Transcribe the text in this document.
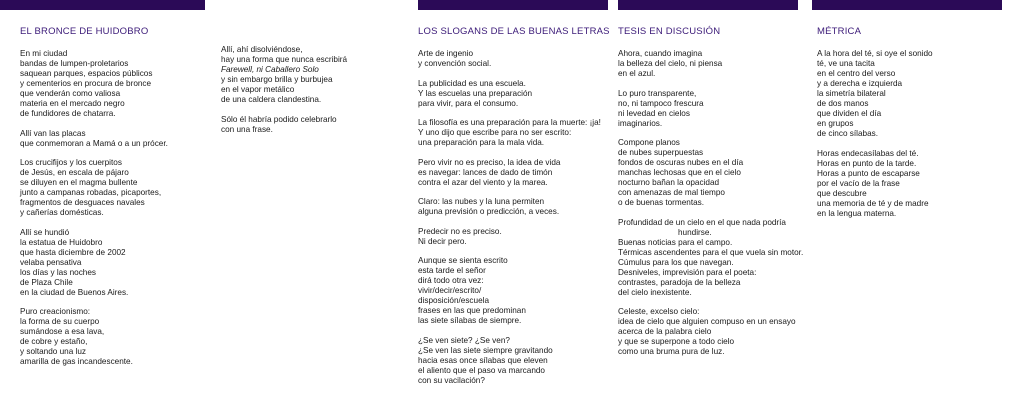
EL BRONCE DE HUIDOBRO
En mi ciudad
bandas de lumpen-proletarios
saquean parques, espacios públicos
y cementerios en procura de bronce
que venderán como valiosa
materia en el mercado negro
de fundidores de chatarra.
Allí van las placas
que conmemoran a Mamá o a un prócer.
Los crucifijos y los cuerpitos
de Jesús, en escala de pájaro
se diluyen en el magma bullente
junto a campanas robadas, picaportes,
fragmentos de desguaces navales
y cañerías domésticas.
Allí se hundió
la estatua de Huidobro
que hasta diciembre de 2002
velaba pensativa
los días y las noches
de Plaza Chile
en la ciudad de Buenos Aires.
Puro creacionismo:
la forma de su cuerpo
sumándose a esa lava,
de cobre y estaño,
y soltando una luz
amarilla de gas incandescente.
Allí, ahí disolviéndose,
hay una forma que nunca escribirá
Farewell, ni Caballero Solo
y sin embargo brilla y burbujea
en el vapor metálico
de una caldera clandestina.
Sólo él habría podido celebrarlo
con una frase.
LOS SLOGANS DE LAS BUENAS LETRAS
Arte de ingenio
y convención social.
La publicidad es una escuela.
Y las escuelas una preparación
para vivir, para el consumo.
La filosofía es una preparación para la muerte: ¡ja!
Y uno dijo que escribe para no ser escrito:
una preparación para la mala vida.
Pero vivir no es preciso, la idea de vida
es navegar: lances de dado de timón
contra el azar del viento y la marea.
Claro: las nubes y la luna permiten
alguna previsión o predicción, a veces.
Predecir no es preciso.
Ni decir pero.
Aunque se sienta escrito
esta tarde el señor
dirá todo otra vez:
vivir/decir/escrito/
disposición/escuela
frases en las que predominan
las siete sílabas de siempre.
¿Se ven siete? ¿Se ven?
¿Se ven las siete siempre gravitando
hacia esas once sílabas que eleven
el aliento que el paso va marcando
con su vacilación?
TESIS EN DISCUSIÓN
Ahora, cuando imagina
la belleza del cielo, ni piensa
en el azul.
Lo puro transparente,
no, ni tampoco frescura
ni levedad en cielos
imaginarios.
Compone planos
de nubes superpuestas
fondos de oscuras nubes en el día
manchas lechosas que en el cielo
nocturno bañan la opacidad
con amenazas de mal tiempo
o de buenas tormentas.
Profundidad de un cielo en el que nada podría
hundirse.
Buenas noticias para el campo.
Térmicas ascendentes para el que vuela sin motor.
Cúmulus para los que navegan.
Desniveles, imprevisión para el poeta:
contrastes, paradoja de la belleza
del cielo inexistente.
Celeste, excelso cielo:
idea de cielo que alguien compuso en un ensayo
acerca de la palabra cielo
y que se superpone a todo cielo
como una bruma pura de luz.
MÉTRICA
A la hora del té, si oye el sonido
té, ve una tacita
en el centro del verso
y a derecha e izquierda
la simetría bilateral
de dos manos
que dividen el día
en grupos
de cinco sílabas.
Horas endecasílabas del té.
Horas en punto de la tarde.
Horas a punto de escaparse
por el vacío de la frase
que descubre
una memoria de té y de madre
en la lengua materna.
